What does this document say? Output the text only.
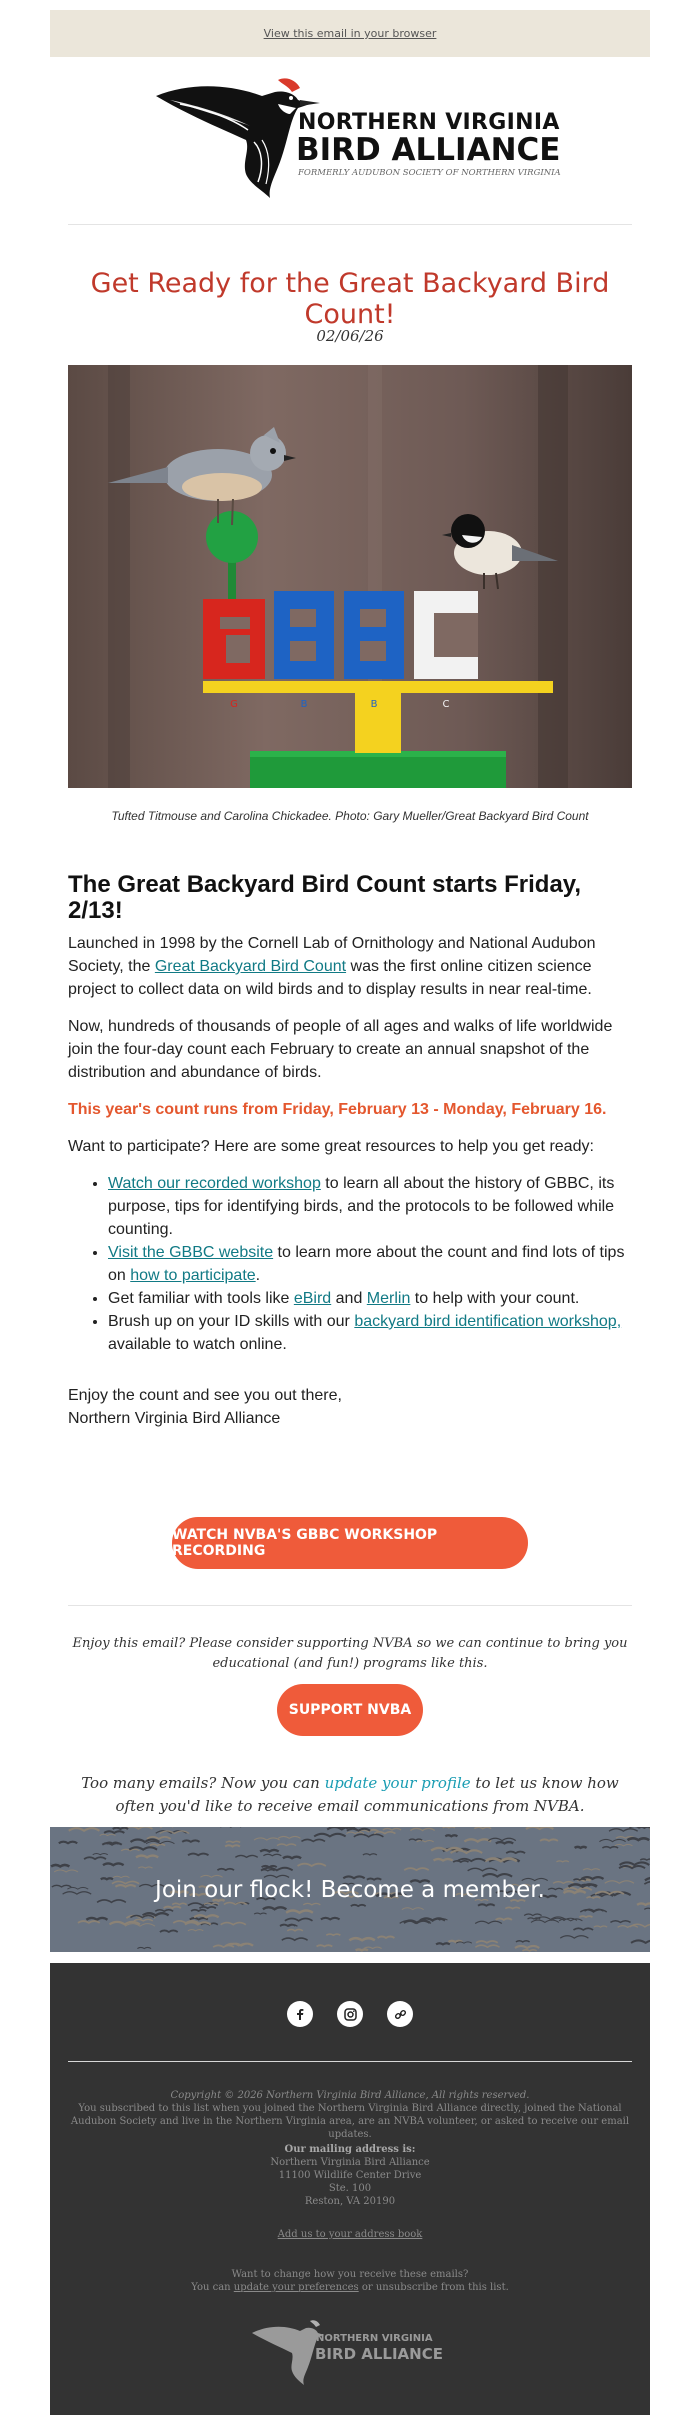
View this email in your browser
NORTHERN VIRGINIA
BIRD ALLIANCE
FORMERLY AUDUBON SOCIETY OF NORTHERN VIRGINIA
Get Ready for the Great Backyard Bird Count!
02/06/26
G	B	B	C
Tufted Titmouse and Carolina Chickadee. Photo: Gary Mueller/Great Backyard Bird Count
The Great Backyard Bird Count starts Friday, 2/13!

Launched in 1998 by the Cornell Lab of Ornithology and National Audubon Society, the Great Backyard Bird Count was the first online citizen science project to collect data on wild birds and to display results in near real-time.

Now, hundreds of thousands of people of all ages and walks of life worldwide join the four-day count each February to create an annual snapshot of the distribution and abundance of birds.

This year's count runs from Friday, February 13 - Monday, February 16.

Want to participate? Here are some great resources to help you get ready:

• Watch our recorded workshop to learn all about the history of GBBC, its purpose, tips for identifying birds, and the protocols to be followed while counting.
• Visit the GBBC website to learn more about the count and find lots of tips on how to participate.
• Get familiar with tools like eBird and Merlin to help with your count.
• Brush up on your ID skills with our backyard bird identification workshop, available to watch online.
Enjoy the count and see you out there,
Northern Virginia Bird Alliance
WATCH NVBA'S GBBC WORKSHOP RECORDING
Enjoy this email? Please consider supporting NVBA so we can continue to bring you educational (and fun!) programs like this.
SUPPORT NVBA
Too many emails? Now you can update your profile to let us know how often you'd like to receive email communications from NVBA.
Join our flock! Become a member.
Copyright © 2026 Northern Virginia Bird Alliance, All rights reserved.
You subscribed to this list when you joined the Northern Virginia Bird Alliance directly, joined the National Audubon Society and live in the Northern Virginia area, are an NVBA volunteer, or asked to receive our email updates.
Our mailing address is:
Northern Virginia Bird Alliance
11100 Wildlife Center Drive
Ste. 100
Reston, VA 20190
Add us to your address book
Want to change how you receive these emails?
You can update your preferences or unsubscribe from this list.
NORTHERN VIRGINIA
BIRD ALLIANCE
